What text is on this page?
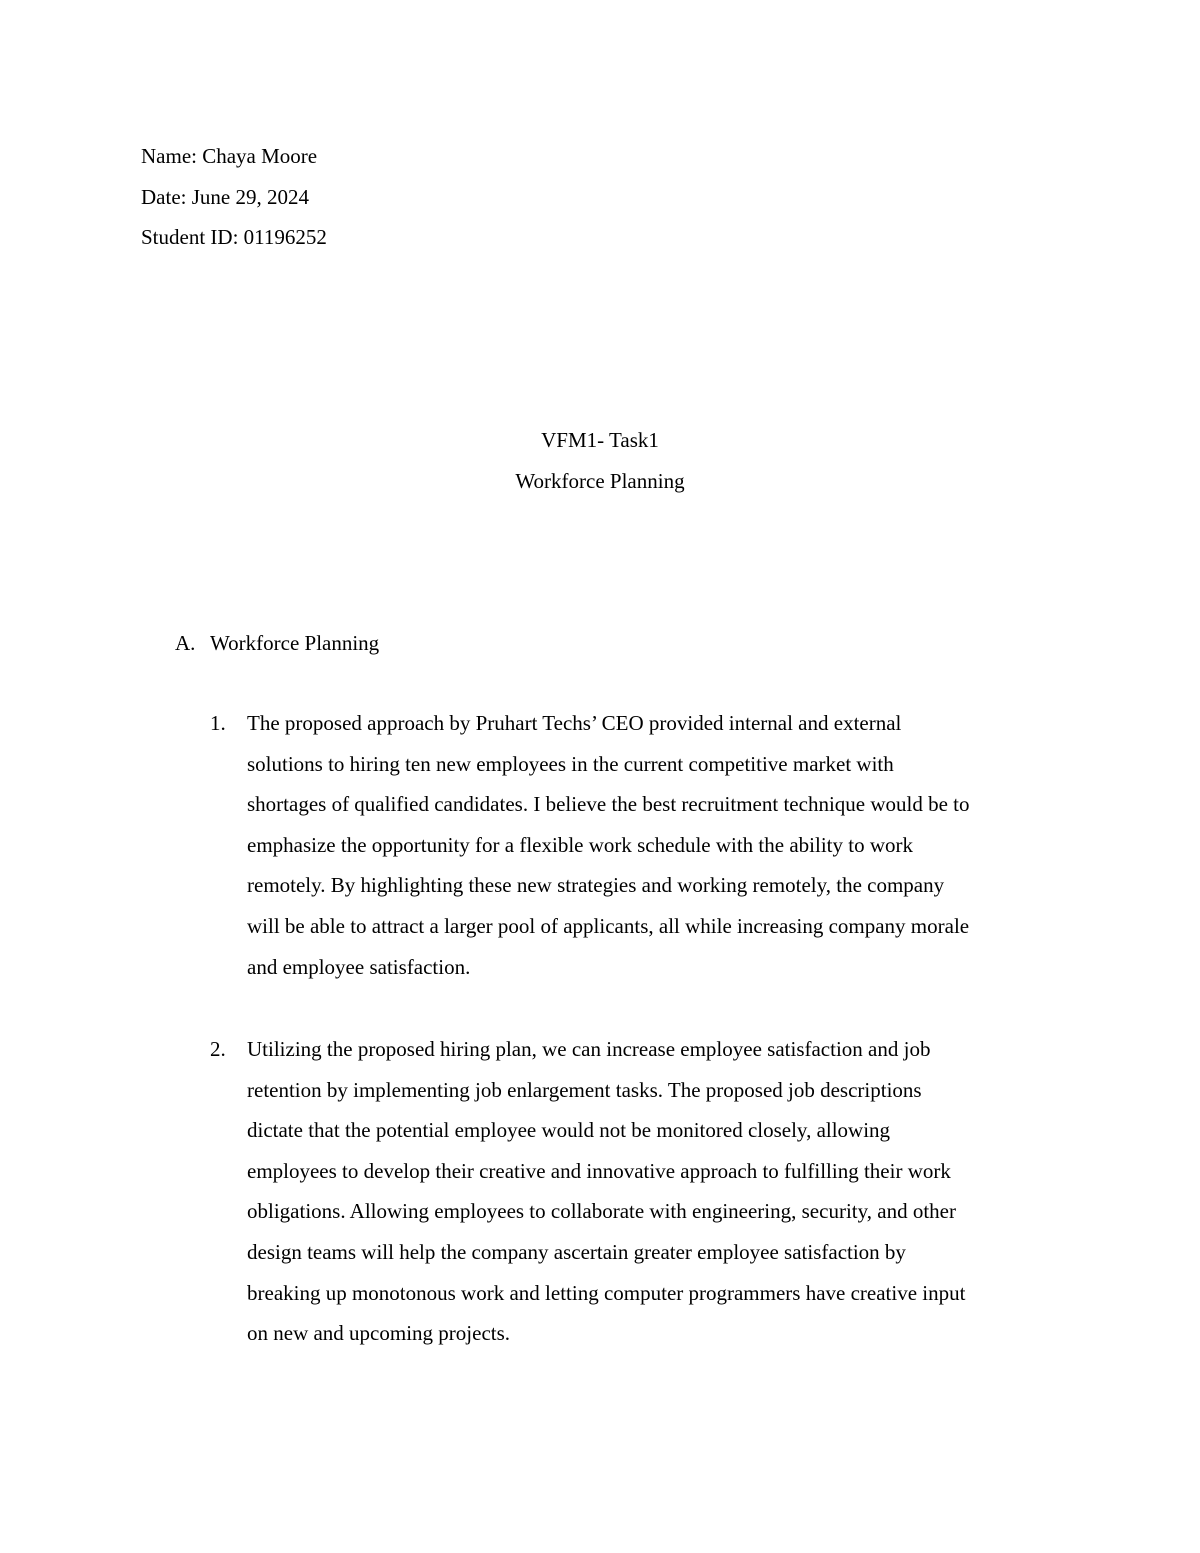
Name: Chaya Moore
Date: June 29, 2024
Student ID: 01196252
VFM1- Task1
Workforce Planning
A. Workforce Planning
1.	The proposed approach by Pruhart Techs’ CEO provided internal and external
solutions to hiring ten new employees in the current competitive market with
shortages of qualified candidates. I believe the best recruitment technique would be to
emphasize the opportunity for a flexible work schedule with the ability to work
remotely. By highlighting these new strategies and working remotely, the company
will be able to attract a larger pool of applicants, all while increasing company morale
and employee satisfaction.
2.	Utilizing the proposed hiring plan, we can increase employee satisfaction and job
retention by implementing job enlargement tasks. The proposed job descriptions
dictate that the potential employee would not be monitored closely, allowing
employees to develop their creative and innovative approach to fulfilling their work
obligations. Allowing employees to collaborate with engineering, security, and other
design teams will help the company ascertain greater employee satisfaction by
breaking up monotonous work and letting computer programmers have creative input
on new and upcoming projects.
